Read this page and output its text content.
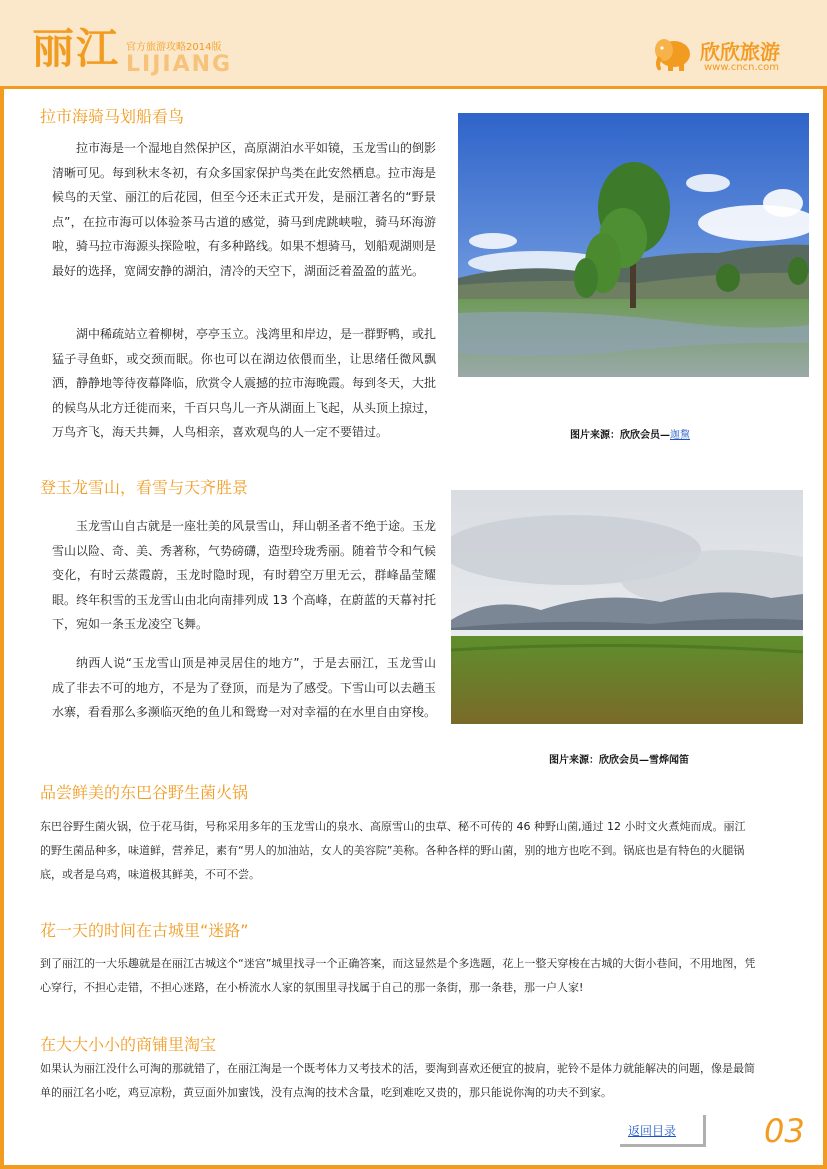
丽江 官方旅游攻略2014版
LIJIANG	欣欣旅游
www.cncn.com
拉市海骑马划船看鸟

拉市海是一个湿地自然保护区，高原湖泊水平如镜，玉龙雪山的倒影清晰可见。每到秋末冬初，有众多国家保护鸟类在此安然栖息。拉市海是候鸟的天堂、丽江的后花园，但至今还未正式开发，是丽江著名的“野景点”，在拉市海可以体验茶马古道的感觉，骑马到虎跳峡啦，骑马环海游啦，骑马拉市海源头探险啦，有多种路线。如果不想骑马，划船观湖则是最好的选择，宽阔安静的湖泊，清冷的天空下，湖面泛着盈盈的蓝光。

湖中稀疏站立着柳树，亭亭玉立。浅湾里和岸边，是一群野鸭，或扎猛子寻鱼虾，或交颈而眠。你也可以在湖边依偎而坐，让思绪任微风飘洒，静静地等待夜幕降临，欣赏令人震撼的拉市海晚霞。每到冬天，大批的候鸟从北方迁徙而来，千百只鸟儿一齐从湖面上飞起，从头顶上掠过，万鸟齐飞，海天共舞，人鸟相亲，喜欢观鸟的人一定不要错过。	图片来源：欣欣会员—迦黧
登玉龙雪山，看雪与天齐胜景

玉龙雪山自古就是一座壮美的风景雪山，拜山朝圣者不绝于途。玉龙雪山以险、奇、美、秀著称，气势磅礴，造型玲珑秀丽。随着节令和气候变化，有时云蒸霞蔚，玉龙时隐时现，有时碧空万里无云，群峰晶莹耀眼。终年积雪的玉龙雪山由北向南排列成 13 个高峰，在蔚蓝的天幕衬托下，宛如一条玉龙凌空飞舞。

纳西人说“玉龙雪山顶是神灵居住的地方”，于是去丽江，玉龙雪山成了非去不可的地方，不是为了登顶，而是为了感受。下雪山可以去趟玉水寨，看看那么多濒临灭绝的鱼儿和鸳鸯一对对幸福的在水里自由穿梭。

图片来源：欣欣会员—雪烨闻笛
品尝鲜美的东巴谷野生菌火锅

东巴谷野生菌火锅，位于花马街，号称采用多年的玉龙雪山的泉水、高原雪山的虫草、秘不可传的 46 种野山菌,通过 12 小时文火煮炖而成。丽江的野生菌品种多，味道鲜，营养足，素有“男人的加油站，女人的美容院”美称。各种各样的野山菌，别的地方也吃不到。锅底也是有特色的火腿锅底，或者是乌鸡，味道极其鲜美，不可不尝。

花一天的时间在古城里“迷路”

到了丽江的一大乐趣就是在丽江古城这个“迷宫”城里找寻一个正确答案，而这显然是个多选题，花上一整天穿梭在古城的大街小巷间，不用地图，凭心穿行，不担心走错，不担心迷路，在小桥流水人家的氛围里寻找属于自己的那一条街，那一条巷，那一户人家!

在大大小小的商铺里淘宝

如果认为丽江没什么可淘的那就错了，在丽江淘是一个既考体力又考技术的活，要淘到喜欢还便宜的披肩，驼铃不是体力就能解决的问题，像是最简单的丽江名小吃，鸡豆凉粉，黄豆面外加蜜饯，没有点淘的技术含量，吃到难吃又贵的，那只能说你淘的功夫不到家。

返回目录	03
